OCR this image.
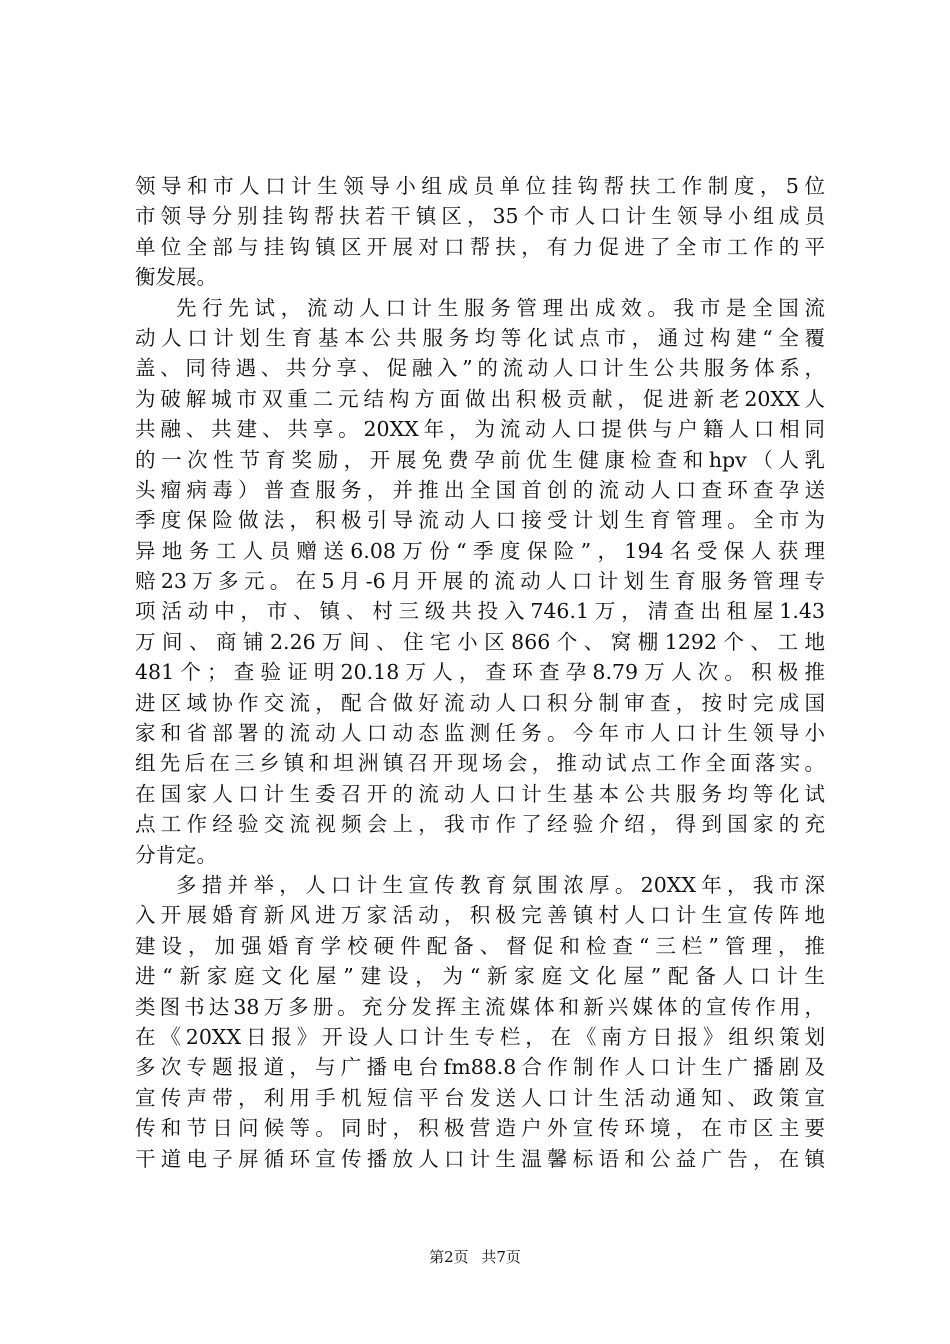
领导和市人口计生领导小组成员单位挂钩帮扶工作制度，5位
市领导分别挂钩帮扶若干镇区，35个市人口计生领导小组成员
单位全部与挂钩镇区开展对口帮扶，有力促进了全市工作的平
衡发展。
先行先试，流动人口计生服务管理出成效。我市是全国流
动人口计划生育基本公共服务均等化试点市，通过构建“全覆
盖、同待遇、共分享、促融入”的流动人口计生公共服务体系，
为破解城市双重二元结构方面做出积极贡献，促进新老20XX人
共融、共建、共享。20XX年，为流动人口提供与户籍人口相同
的一次性节育奖励，开展免费孕前优生健康检查和hpv（人乳
头瘤病毒）普查服务，并推出全国首创的流动人口查环查孕送
季度保险做法，积极引导流动人口接受计划生育管理。全市为
异地务工人员赠送6.08万份“季度保险”，194名受保人获理
赔23万多元。在5月-6月开展的流动人口计划生育服务管理专
项活动中，市、镇、村三级共投入746.1万，清查出租屋1.43
万间、商铺2.26万间、住宅小区866个、窝棚1292个、工地
481个；查验证明20.18万人，查环查孕8.79万人次。积极推
进区域协作交流，配合做好流动人口积分制审查，按时完成国
家和省部署的流动人口动态监测任务。今年市人口计生领导小
组先后在三乡镇和坦洲镇召开现场会，推动试点工作全面落实。
在国家人口计生委召开的流动人口计生基本公共服务均等化试
点工作经验交流视频会上，我市作了经验介绍，得到国家的充
分肯定。
多措并举，人口计生宣传教育氛围浓厚。20XX年，我市深
入开展婚育新风进万家活动，积极完善镇村人口计生宣传阵地
建设，加强婚育学校硬件配备、督促和检查“三栏”管理，推
进“新家庭文化屋”建设，为“新家庭文化屋”配备人口计生
类图书达38万多册。充分发挥主流媒体和新兴媒体的宣传作用，
在《20XX日报》开设人口计生专栏，在《南方日报》组织策划
多次专题报道，与广播电台fm88.8合作制作人口计生广播剧及
宣传声带，利用手机短信平台发送人口计生活动通知、政策宣
传和节日问候等。同时，积极营造户外宣传环境，在市区主要
干道电子屏循环宣传播放人口计生温馨标语和公益广告，在镇
第2页 共7页
